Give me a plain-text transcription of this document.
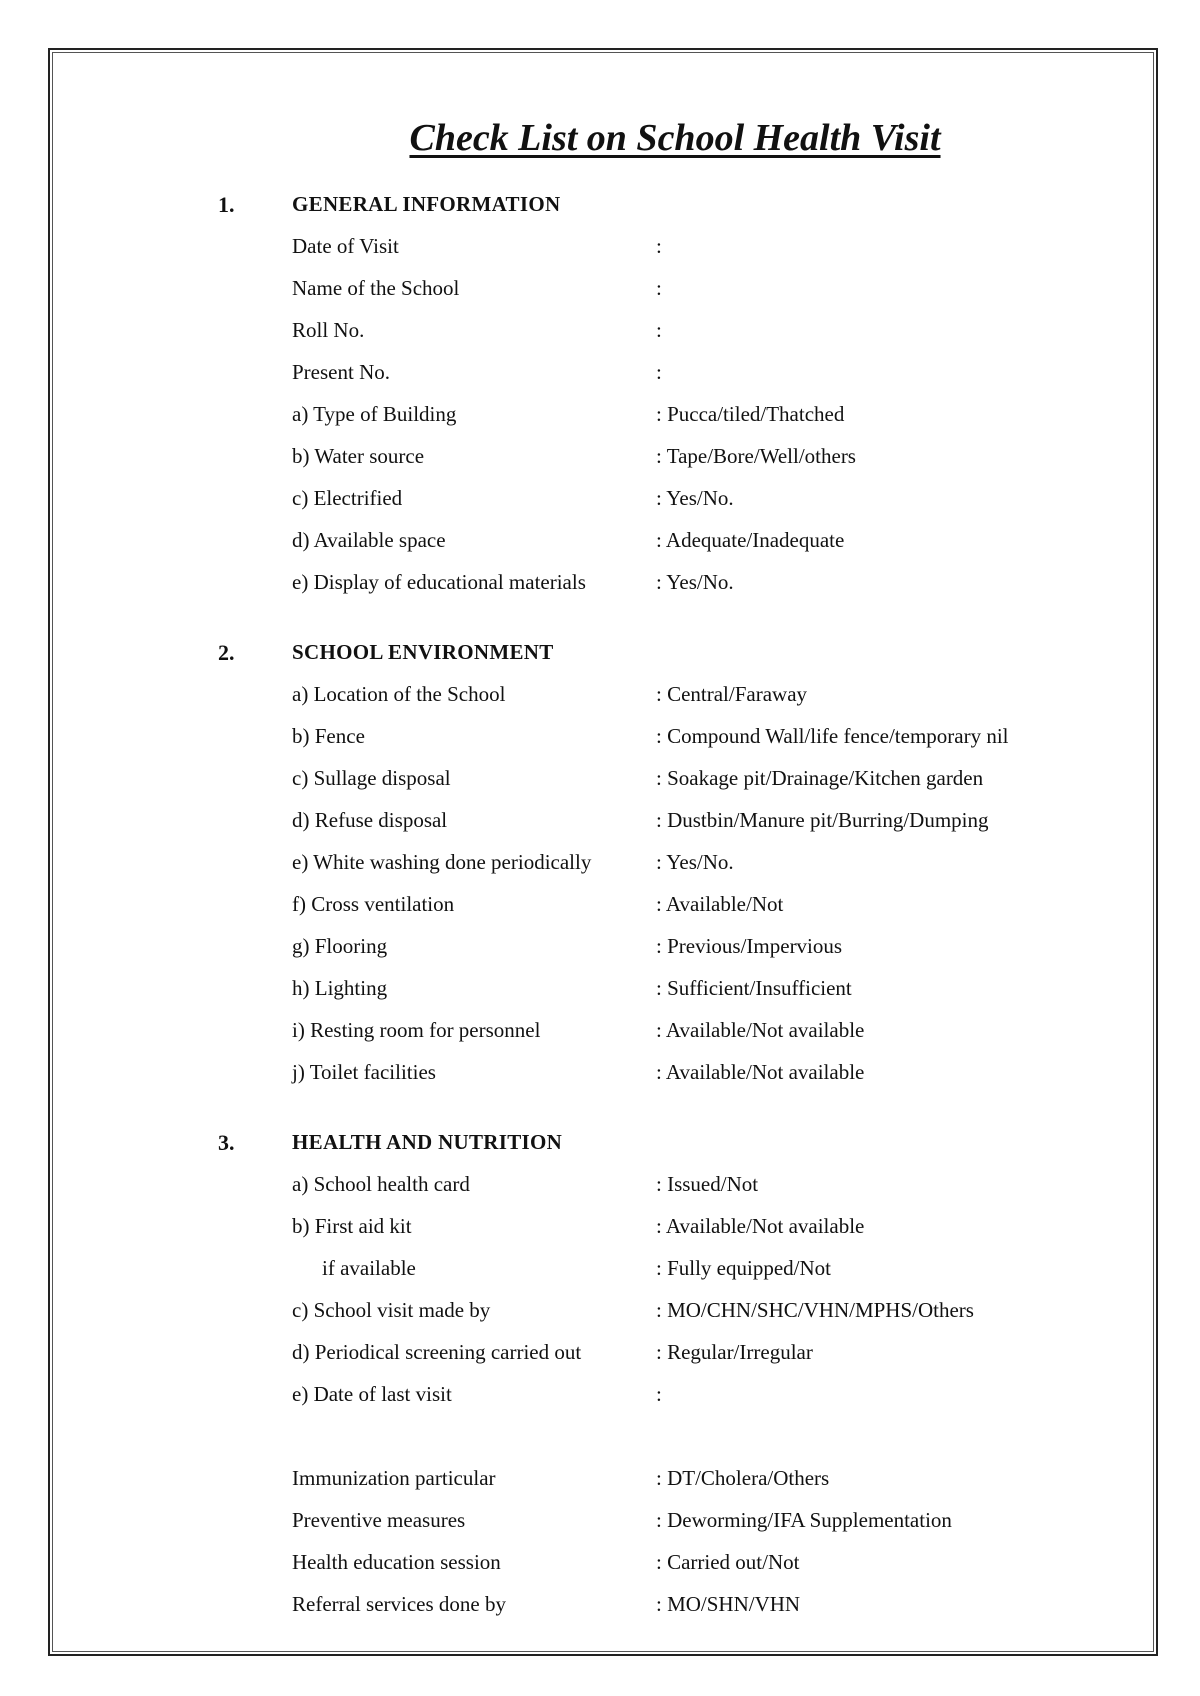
Check List on School Health Visit
1.	GENERAL INFORMATION
Date of Visit	:
Name of the School	:
Roll No.	:
Present No.	:
a) Type of Building	: Pucca/tiled/Thatched
b) Water source	: Tape/Bore/Well/others
c) Electrified	: Yes/No.
d) Available space	: Adequate/Inadequate
e) Display of educational materials	: Yes/No.
2.	SCHOOL ENVIRONMENT
a) Location of the School	: Central/Faraway
b) Fence	: Compound Wall/life fence/temporary nil
c) Sullage disposal	: Soakage pit/Drainage/Kitchen garden
d) Refuse disposal	: Dustbin/Manure pit/Burring/Dumping
e) White washing done periodically	: Yes/No.
f) Cross ventilation	: Available/Not
g) Flooring	: Previous/Impervious
h) Lighting	: Sufficient/Insufficient
i) Resting room for personnel	: Available/Not available
j) Toilet facilities	: Available/Not available
3.	HEALTH AND NUTRITION
a) School health card	: Issued/Not
b) First aid kit	: Available/Not available
if available	: Fully equipped/Not
c) School visit made by	: MO/CHN/SHC/VHN/MPHS/Others
d) Periodical screening carried out	: Regular/Irregular
e) Date of last visit	:
Immunization particular	: DT/Cholera/Others
Preventive measures	: Deworming/IFA Supplementation
Health education session	: Carried out/Not
Referral services done by	: MO/SHN/VHN
